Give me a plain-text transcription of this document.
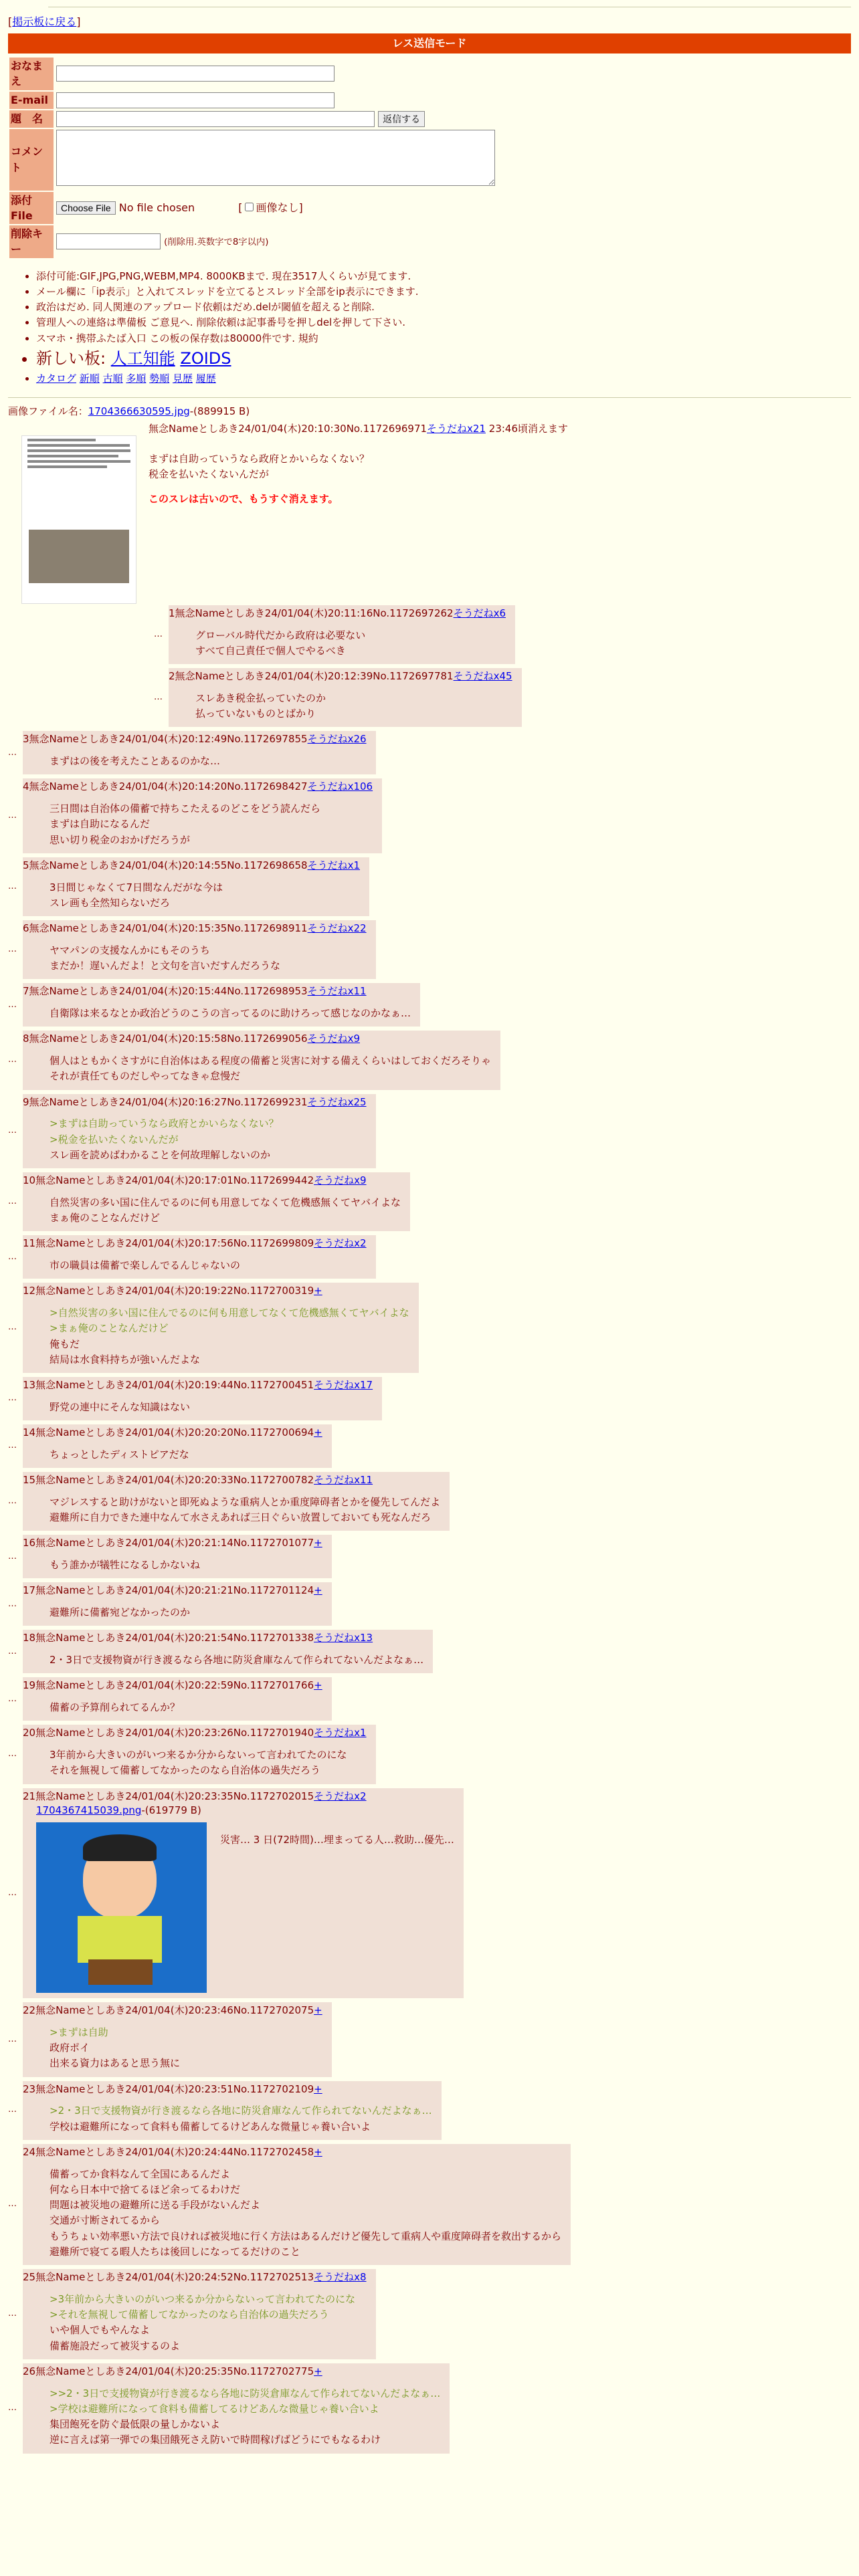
[掲示板に戻る]
レス送信モード
おなまえ	
E-mail	
題　名	返信する
コメント	
添付File	Choose File No file chosen [ 画像なし]
削除キー	(削除用.英数字で8字以内)
• 添付可能:GIF,JPG,PNG,WEBM,MP4. 8000KBまで. 現在3517人くらいが見てます.
• メール欄に「ip表示」と入れてスレッドを立てるとスレッド全部をip表示にできます.
• 政治はだめ. 同人関連のアップロード依頼はだめ.delが閾値を超えると削除.
• 管理人への連絡は準備板 ご意見へ. 削除依頼は記事番号を押しdelを押して下さい.
• スマホ・携帯ふたば入口 この板の保存数は80000件です. 規約
• 新しい板: 人工知能 ZOIDS
• カタログ 新順 古順 多順 勢順 見歴 履歴
画像ファイル名：1704366630595.jpg-(889915 B)
無念Nameとしあき24/01/04(木)20:10:30No.1172696971そうだねx21 23:46頃消えます
まずは自助っていうなら政府とかいらなくない？
税金を払いたくないんだが
このスレは古いので、もうすぐ消えます。
…
1無念Nameとしあき24/01/04(木)20:11:16No.1172697262そうだねx6
グローバル時代だから政府は必要ない
すべて自己責任で個人でやるべき
…
2無念Nameとしあき24/01/04(木)20:12:39No.1172697781そうだねx45
スレあき税金払っていたのか
払っていないものとばかり
…
3無念Nameとしあき24/01/04(木)20:12:49No.1172697855そうだねx26
まずはの後を考えたことあるのかな…
…
4無念Nameとしあき24/01/04(木)20:14:20No.1172698427そうだねx106
三日間は自治体の備蓄で持ちこたえるのどこをどう読んだら
まずは自助になるんだ
思い切り税金のおかげだろうが
…
5無念Nameとしあき24/01/04(木)20:14:55No.1172698658そうだねx1
3日間じゃなくて7日間なんだがな今は
スレ画も全然知らないだろ
…
6無念Nameとしあき24/01/04(木)20:15:35No.1172698911そうだねx22
ヤマパンの支援なんかにもそのうち
まだか！遅いんだよ！と文句を言いだすんだろうな
…
7無念Nameとしあき24/01/04(木)20:15:44No.1172698953そうだねx11
自衛隊は来るなとか政治どうのこうの言ってるのに助けろって感じなのかなぁ…
…
8無念Nameとしあき24/01/04(木)20:15:58No.1172699056そうだねx9
個人はともかくさすがに自治体はある程度の備蓄と災害に対する備えくらいはしておくだろそりゃ
それが責任てものだしやってなきゃ怠慢だ
…
9無念Nameとしあき24/01/04(木)20:16:27No.1172699231そうだねx25
>まずは自助っていうなら政府とかいらなくない？
>税金を払いたくないんだが
スレ画を読めばわかることを何故理解しないのか
…
10無念Nameとしあき24/01/04(木)20:17:01No.1172699442そうだねx9
自然災害の多い国に住んでるのに何も用意してなくて危機感無くてヤバイよな
まぁ俺のことなんだけど
…
11無念Nameとしあき24/01/04(木)20:17:56No.1172699809そうだねx2
市の職員は備蓄で楽しんでるんじゃないの
…
12無念Nameとしあき24/01/04(木)20:19:22No.1172700319+
>自然災害の多い国に住んでるのに何も用意してなくて危機感無くてヤバイよな
>まぁ俺のことなんだけど
俺もだ
結局は水食料持ちが強いんだよな
…
13無念Nameとしあき24/01/04(木)20:19:44No.1172700451そうだねx17
野党の連中にそんな知識はない
…
14無念Nameとしあき24/01/04(木)20:20:20No.1172700694+
ちょっとしたディストピアだな
…
15無念Nameとしあき24/01/04(木)20:20:33No.1172700782そうだねx11
マジレスすると助けがないと即死ぬような重病人とか重度障碍者とかを優先してんだよ
避難所に自力できた連中なんて水さえあれば三日ぐらい放置しておいても死なんだろ
…
16無念Nameとしあき24/01/04(木)20:21:14No.1172701077+
もう誰かが犠牲になるしかないね
…
17無念Nameとしあき24/01/04(木)20:21:21No.1172701124+
避難所に備蓄宛どなかったのか
…
18無念Nameとしあき24/01/04(木)20:21:54No.1172701338そうだねx13
2・3日で支援物資が行き渡るなら各地に防災倉庫なんて作られてないんだよなぁ…
…
19無念Nameとしあき24/01/04(木)20:22:59No.1172701766+
備蓄の予算削られてるんか？
…
20無念Nameとしあき24/01/04(木)20:23:26No.1172701940そうだねx1
3年前から大きいのがいつ来るか分からないって言われてたのにな
それを無視して備蓄してなかったのなら自治体の過失だろう
…
21無念Nameとしあき24/01/04(木)20:23:35No.1172702015そうだねx2
1704367415039.png-(619779 B)
災害… 3 日(72時間)…埋まってる人…救助…優先…
…
22無念Nameとしあき24/01/04(木)20:23:46No.1172702075+
>まずは自助
政府ポイ
出来る資力はあると思う無に
…
23無念Nameとしあき24/01/04(木)20:23:51No.1172702109+
>2・3日で支援物資が行き渡るなら各地に防災倉庫なんて作られてないんだよなぁ…
学校は避難所になって食料も備蓄してるけどあんな微量じゃ養い合いよ
…
24無念Nameとしあき24/01/04(木)20:24:44No.1172702458+
備蓄ってか食料なんて全国にあるんだよ
何なら日本中で捨てるほど余ってるわけだ
問題は被災地の避難所に送る手段がないんだよ
交通が寸断されてるから
もうちょい効率悪い方法で良ければ被災地に行く方法はあるんだけど優先して重病人や重度障碍者を救出するから
避難所で寝てる暇人たちは後回しになってるだけのこと
…
25無念Nameとしあき24/01/04(木)20:24:52No.1172702513そうだねx8
>3年前から大きいのがいつ来るか分からないって言われてたのにな
>それを無視して備蓄してなかったのなら自治体の過失だろう
いや個人でもやんなよ
備蓄施設だって被災するのよ
…
26無念Nameとしあき24/01/04(木)20:25:35No.1172702775+
>>2・3日で支援物資が行き渡るなら各地に防災倉庫なんて作られてないんだよなぁ…
>学校は避難所になって食料も備蓄してるけどあんな微量じゃ養い合いよ
集団飽死を防ぐ最低限の量しかないよ
逆に言えば第一弾での集団餓死さえ防いで時間稼げばどうにでもなるわけ
